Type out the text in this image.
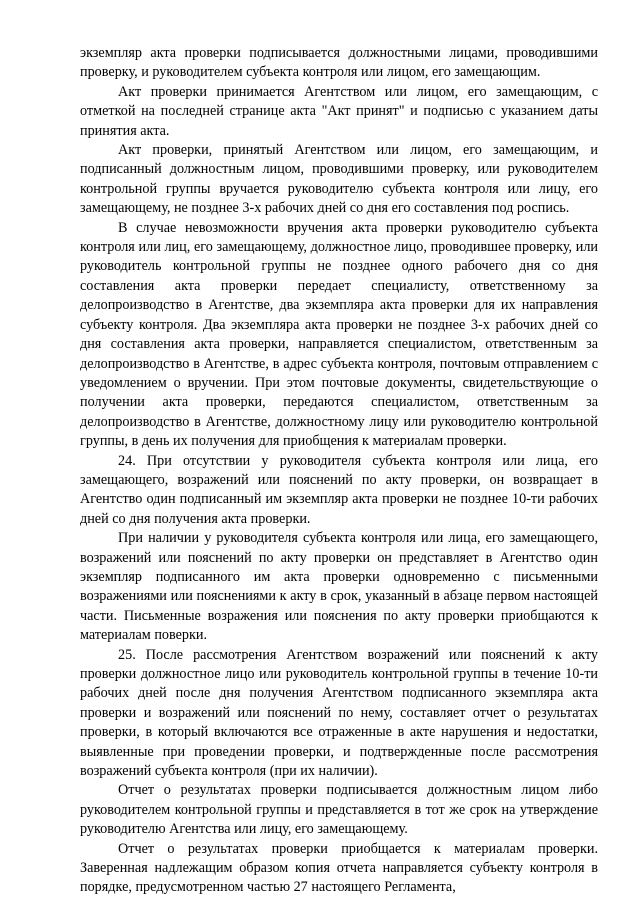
экземпляр акта проверки подписывается должностными лицами, проводившими проверку, и руководителем субъекта контроля или лицом, его замещающим.

Акт проверки принимается Агентством или лицом, его замещающим, с отметкой на последней странице акта "Акт принят" и подписью с указанием даты принятия акта.

Акт проверки, принятый Агентством или лицом, его замещающим, и подписанный должностным лицом, проводившими проверку, или руководителем контрольной группы вручается руководителю субъекта контроля или лицу, его замещающему, не позднее 3-х рабочих дней со дня его составления под роспись.

В случае невозможности вручения акта проверки руководителю субъекта контроля или лиц, его замещающему, должностное лицо, проводившее проверку, или руководитель контрольной группы не позднее одного рабочего дня со дня составления акта проверки передает специалисту, ответственному за делопроизводство в Агентстве, два экземпляра акта проверки для их направления субъекту контроля. Два экземпляра акта проверки не позднее 3-х рабочих дней со дня составления акта проверки, направляется специалистом, ответственным за делопроизводство в Агентстве, в адрес субъекта контроля, почтовым отправлением с уведомлением о вручении. При этом почтовые документы, свидетельствующие о получении акта проверки, передаются специалистом, ответственным за делопроизводство в Агентстве, должностному лицу или руководителю контрольной группы, в день их получения для приобщения к материалам проверки.

24. При отсутствии у руководителя субъекта контроля или лица, его замещающего, возражений или пояснений по акту проверки, он возвращает в Агентство один подписанный им экземпляр акта проверки не позднее 10-ти рабочих дней со дня получения акта проверки.

При наличии у руководителя субъекта контроля или лица, его замещающего, возражений или пояснений по акту проверки он представляет в Агентство один экземпляр подписанного им акта проверки одновременно с письменными возражениями или пояснениями к акту в срок, указанный в абзаце первом настоящей части. Письменные возражения или пояснения по акту проверки приобщаются к материалам поверки.

25. После рассмотрения Агентством возражений или пояснений к акту проверки должностное лицо или руководитель контрольной группы в течение 10-ти рабочих дней после дня получения Агентством подписанного экземпляра акта проверки и возражений или пояснений по нему, составляет отчет о результатах проверки, в который включаются все отраженные в акте нарушения и недостатки, выявленные при проведении проверки, и подтвержденные после рассмотрения возражений субъекта контроля (при их наличии).

Отчет о результатах проверки подписывается должностным лицом либо руководителем контрольной группы и представляется в тот же срок на утверждение руководителю Агентства или лицу, его замещающему.

Отчет о результатах проверки приобщается к материалам проверки. Заверенная надлежащим образом копия отчета направляется субъекту контроля в порядке, предусмотренном частью 27 настоящего Регламента,
